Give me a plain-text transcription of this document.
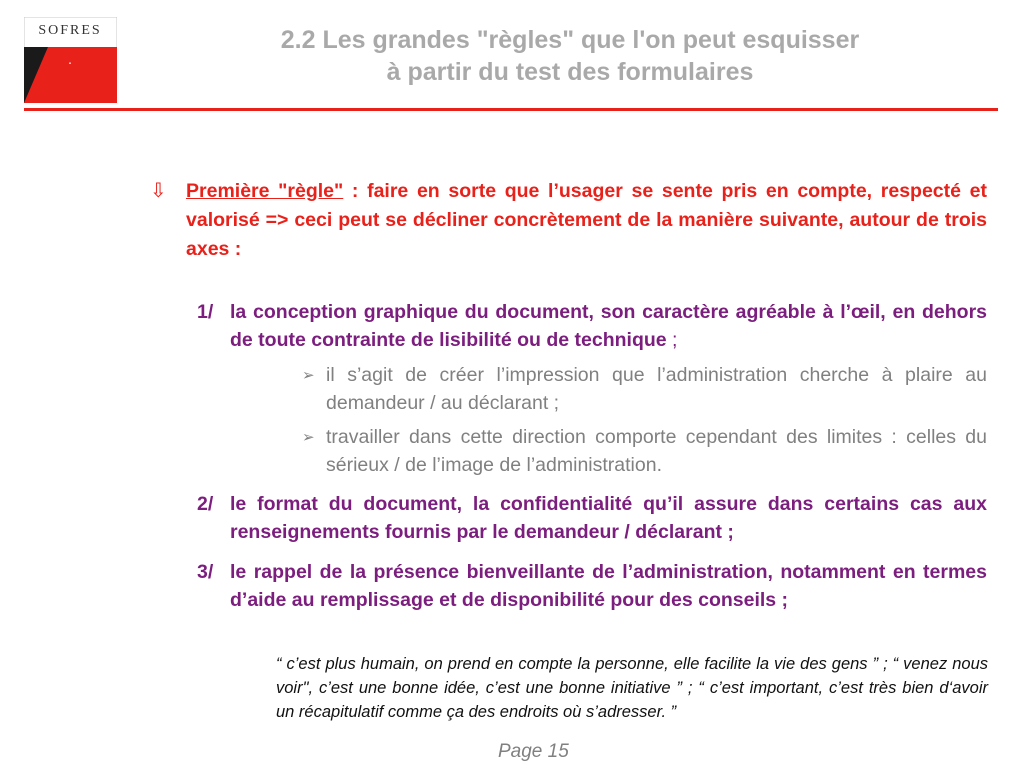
SOFRES
.
2.2 Les grandes "règles" que l'on peut esquisser
à partir du test des formulaires
⇩ Première "règle" : faire en sorte que l’usager se sente pris en compte, respecté et valorisé => ceci peut se décliner concrètement de la manière suivante, autour de trois axes :
1/ la conception graphique du document, son caractère agréable à l’œil, en dehors de toute contrainte de lisibilité ou de technique ;
➢ il s’agit de créer l’impression que l’administration cherche à plaire au demandeur / au déclarant ;
➢ travailler dans cette direction comporte cependant des limites : celles du sérieux / de l’image de l’administration.
2/ le format du document, la confidentialité qu’il assure dans certains cas aux renseignements fournis par le demandeur / déclarant ;
3/ le rappel de la présence bienveillante de l’administration, notamment en termes d’aide au remplissage et de disponibilité pour des conseils ;
“ c’est plus humain, on prend en compte la personne, elle facilite la vie des gens ” ; “ venez nous voir", c’est une bonne idée, c’est une bonne initiative ” ; “ c’est important, c’est très bien d‘avoir un récapitulatif comme ça des endroits où s’adresser. ”
Page 15
